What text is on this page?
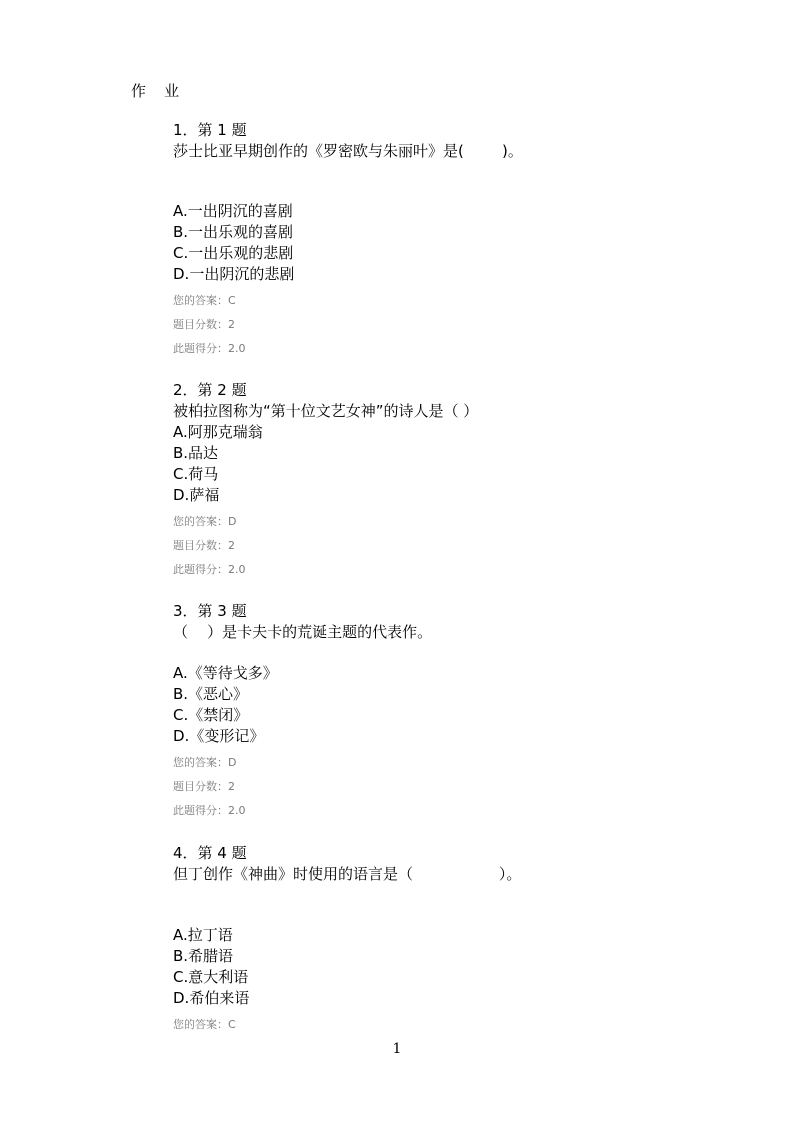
作业
1．第 1 题
莎士比亚早期创作的《罗密欧与朱丽叶》是(        )。
A.一出阴沉的喜剧
B.一出乐观的喜剧
C.一出乐观的悲剧
D.一出阴沉的悲剧
您的答案：C
题目分数：2
此题得分：2.0
2．第 2 题
被柏拉图称为“第十位文艺女神”的诗人是（ ）
A.阿那克瑞翁
B.品达
C.荷马
D.萨福
您的答案：D
题目分数：2
此题得分：2.0
3．第 3 题
（    ）是卡夫卡的荒诞主题的代表作。
A.《等待戈多》
B.《恶心》
C.《禁闭》
D.《变形记》
您的答案：D
题目分数：2
此题得分：2.0
4．第 4 题
但丁创作《神曲》时使用的语言是（                  ）。
A.拉丁语
B.希腊语
C.意大利语
D.希伯来语
您的答案：C
1
